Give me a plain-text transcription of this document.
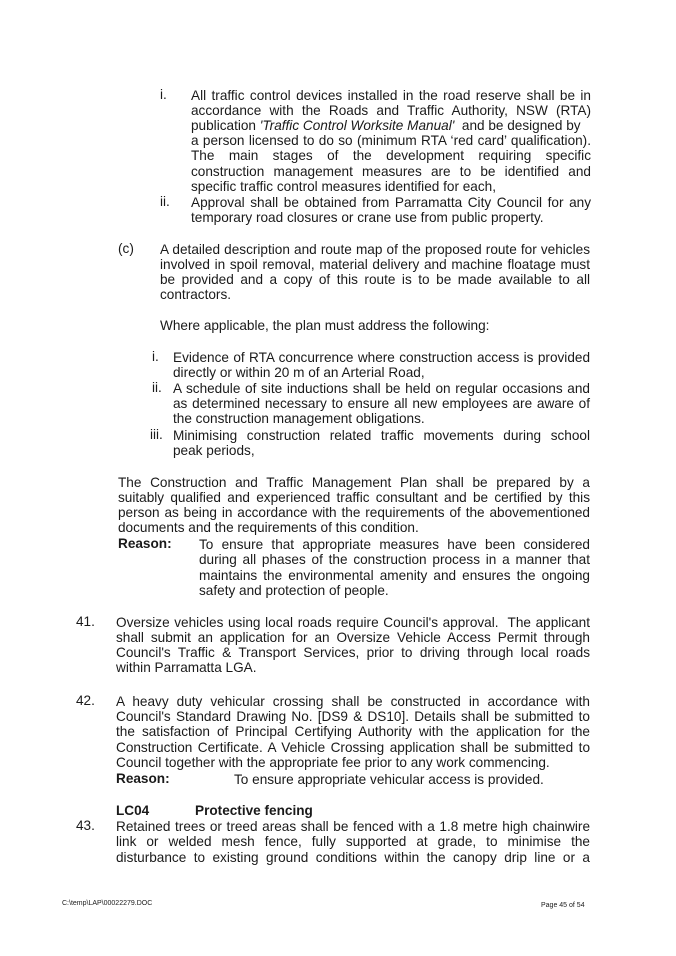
i. All traffic control devices installed in the road reserve shall be in
accordance with the Roads and Traffic Authority, NSW (RTA)
publication 'Traffic Control Worksite Manual'  and be designed by
a person licensed to do so (minimum RTA ‘red card’ qualification).
The main stages of the development requiring specific
construction management measures are to be identified and
specific traffic control measures identified for each,
ii. Approval shall be obtained from Parramatta City Council for any
temporary road closures or crane use from public property.
(c) A detailed description and route map of the proposed route for vehicles
involved in spoil removal, material delivery and machine floatage must
be provided and a copy of this route is to be made available to all
contractors.
Where applicable, the plan must address the following:
i. Evidence of RTA concurrence where construction access is provided
directly or within 20 m of an Arterial Road,
ii. A schedule of site inductions shall be held on regular occasions and
as determined necessary to ensure all new employees are aware of
the construction management obligations.
iii. Minimising construction related traffic movements during school
peak periods,
The Construction and Traffic Management Plan shall be prepared by a
suitably qualified and experienced traffic consultant and be certified by this
person as being in accordance with the requirements of the abovementioned
documents and the requirements of this condition.
Reason: To ensure that appropriate measures have been considered
during all phases of the construction process in a manner that
maintains the environmental amenity and ensures the ongoing
safety and protection of people.
41. Oversize vehicles using local roads require Council's approval.  The applicant
shall submit an application for an Oversize Vehicle Access Permit through
Council's Traffic & Transport Services, prior to driving through local roads
within Parramatta LGA.
42. A heavy duty vehicular crossing shall be constructed in accordance with
Council's Standard Drawing No. [DS9 & DS10]. Details shall be submitted to
the satisfaction of Principal Certifying Authority with the application for the
Construction Certificate. A Vehicle Crossing application shall be submitted to
Council together with the appropriate fee prior to any work commencing.
Reason:	To ensure appropriate vehicular access is provided.
LC04	Protective fencing
43. Retained trees or treed areas shall be fenced with a 1.8 metre high chainwire
link or welded mesh fence, fully supported at grade, to minimise the
disturbance to existing ground conditions within the canopy drip line or a
C:\temp\LAP\00022279.DOC	Page 45 of 54
